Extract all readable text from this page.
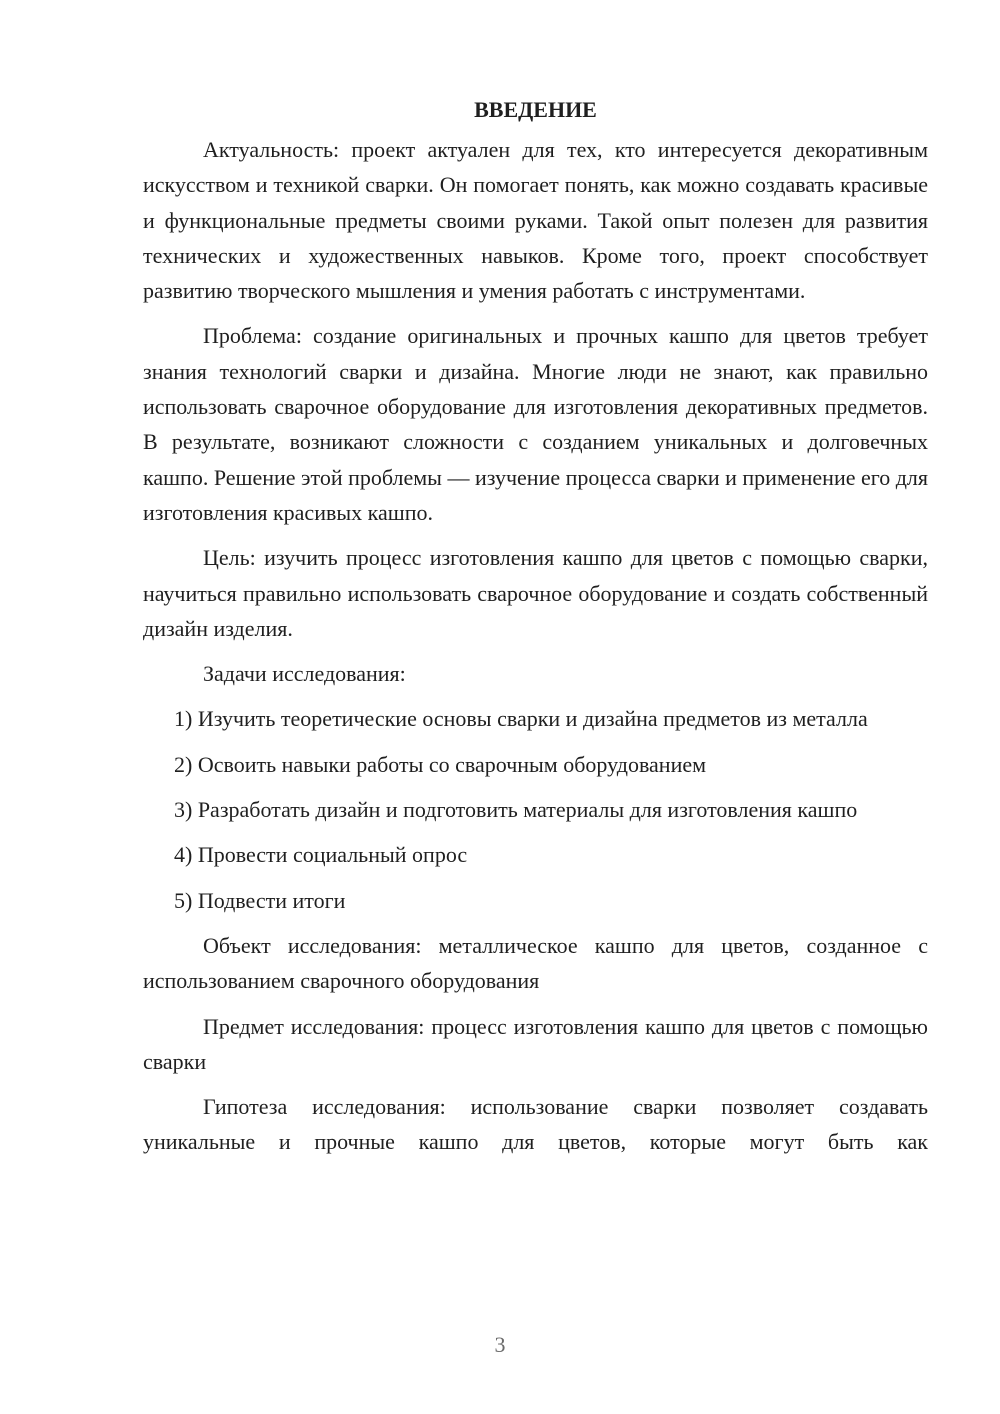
ВВЕДЕНИЕ

Актуальность: проект актуален для тех, кто интересуется декоративным искусством и техникой сварки. Он помогает понять, как можно создавать красивые и функциональные предметы своими руками. Такой опыт полезен для развития технических и художественных навыков. Кроме того, проект способствует развитию творческого мышления и умения работать с инструментами.

Проблема: создание оригинальных и прочных кашпо для цветов требует знания технологий сварки и дизайна. Многие люди не знают, как правильно использовать сварочное оборудование для изготовления декоративных предметов. В результате, возникают сложности с созданием уникальных и долговечных кашпо. Решение этой проблемы — изучение процесса сварки и применение его для изготовления красивых кашпо.

Цель: изучить процесс изготовления кашпо для цветов с помощью сварки, научиться правильно использовать сварочное оборудование и создать собственный дизайн изделия.

Задачи исследования:

1) Изучить теоретические основы сварки и дизайна предметов из металла

2) Освоить навыки работы со сварочным оборудованием

3) Разработать дизайн и подготовить материалы для изготовления кашпо

4) Провести социальный опрос

5) Подвести итоги

Объект исследования: металлическое кашпо для цветов, созданное с использованием сварочного оборудования

Предмет исследования: процесс изготовления кашпо для цветов с помощью сварки

Гипотеза исследования: использование сварки позволяет создавать уникальные и прочные кашпо для цветов, которые могут быть как

3
